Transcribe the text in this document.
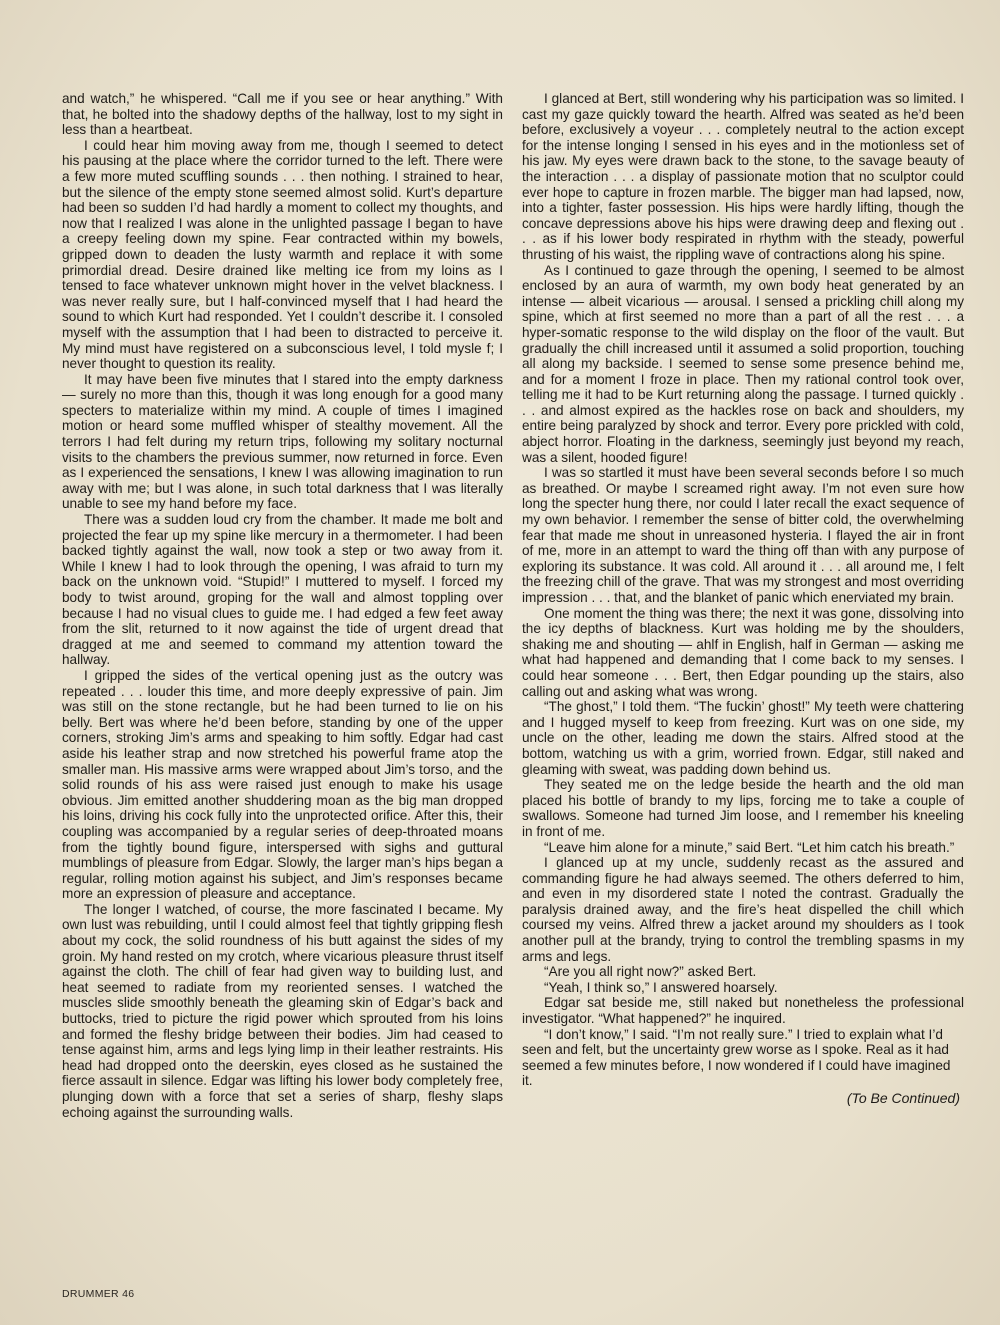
and watch,” he whispered. “Call me if you see or hear anything.” With that, he bolted into the shadowy depths of the hallway, lost to my sight in less than a heartbeat.

I could hear him moving away from me, though I seemed to detect his pausing at the place where the corridor turned to the left. There were a few more muted scuffling sounds . . . then nothing. I strained to hear, but the silence of the empty stone seemed almost solid. Kurt’s departure had been so sudden I’d had hardly a moment to collect my thoughts, and now that I realized I was alone in the unlighted passage I began to have a creepy feeling down my spine. Fear contracted within my bowels, gripped down to deaden the lusty warmth and replace it with some primordial dread. Desire drained like melting ice from my loins as I tensed to face whatever unknown might hover in the velvet blackness. I was never really sure, but I half-convinced myself that I had heard the sound to which Kurt had responded. Yet I couldn’t describe it. I consoled myself with the assumption that I had been to distracted to perceive it. My mind must have registered on a subconscious level, I told mysle f; I never thought to question its reality.

It may have been five minutes that I stared into the empty darkness — surely no more than this, though it was long enough for a good many specters to materialize within my mind. A couple of times I imagined motion or heard some muffled whisper of stealthy movement. All the terrors I had felt during my return trips, following my solitary nocturnal visits to the chambers the previous summer, now returned in force. Even as I experienced the sensations, I knew I was allowing imagination to run away with me; but I was alone, in such total darkness that I was literally unable to see my hand before my face.

There was a sudden loud cry from the chamber. It made me bolt and projected the fear up my spine like mercury in a thermometer. I had been backed tightly against the wall, now took a step or two away from it. While I knew I had to look through the opening, I was afraid to turn my back on the unknown void. “Stupid!” I muttered to myself. I forced my body to twist around, groping for the wall and almost toppling over because I had no visual clues to guide me. I had edged a few feet away from the slit, returned to it now against the tide of urgent dread that dragged at me and seemed to command my attention toward the hallway.

I gripped the sides of the vertical opening just as the outcry was repeated . . . louder this time, and more deeply expressive of pain. Jim was still on the stone rectangle, but he had been turned to lie on his belly. Bert was where he’d been before, standing by one of the upper corners, stroking Jim’s arms and speaking to him softly. Edgar had cast aside his leather strap and now stretched his powerful frame atop the smaller man. His massive arms were wrapped about Jim’s torso, and the solid rounds of his ass were raised just enough to make his usage obvious. Jim emitted another shuddering moan as the big man dropped his loins, driving his cock fully into the unprotected orifice. After this, their coupling was accompanied by a regular series of deep-throated moans from the tightly bound figure, interspersed with sighs and guttural mumblings of pleasure from Edgar. Slowly, the larger man’s hips began a regular, rolling motion against his subject, and Jim’s responses became more an expression of pleasure and acceptance.

The longer I watched, of course, the more fascinated I became. My own lust was rebuilding, until I could almost feel that tightly gripping flesh about my cock, the solid roundness of his butt against the sides of my groin. My hand rested on my crotch, where vicarious pleasure thrust itself against the cloth. The chill of fear had given way to building lust, and heat seemed to radiate from my reoriented senses. I watched the muscles slide smoothly beneath the gleaming skin of Edgar’s back and buttocks, tried to picture the rigid power which sprouted from his loins and formed the fleshy bridge between their bodies. Jim had ceased to tense against him, arms and legs lying limp in their leather restraints. His head had dropped onto the deerskin, eyes closed as he sustained the fierce assault in silence. Edgar was lifting his lower body completely free, plunging down with a force that set a series of sharp, fleshy slaps echoing against the surrounding walls.

I glanced at Bert, still wondering why his participation was so limited. I cast my gaze quickly toward the hearth. Alfred was seated as he’d been before, exclusively a voyeur . . . completely neutral to the action except for the intense longing I sensed in his eyes and in the motionless set of his jaw. My eyes were drawn back to the stone, to the savage beauty of the interaction . . . a display of passionate motion that no sculptor could ever hope to capture in frozen marble. The bigger man had lapsed, now, into a tighter, faster possession. His hips were hardly lifting, though the concave depressions above his hips were drawing deep and flexing out . . . as if his lower body respirated in rhythm with the steady, powerful thrusting of his waist, the rippling wave of contractions along his spine.

As I continued to gaze through the opening, I seemed to be almost enclosed by an aura of warmth, my own body heat generated by an intense — albeit vicarious — arousal. I sensed a prickling chill along my spine, which at first seemed no more than a part of all the rest . . . a hyper-somatic response to the wild display on the floor of the vault. But gradually the chill increased until it assumed a solid proportion, touching all along my backside. I seemed to sense some presence behind me, and for a moment I froze in place. Then my rational control took over, telling me it had to be Kurt returning along the passage. I turned quickly . . . and almost expired as the hackles rose on back and shoulders, my entire being paralyzed by shock and terror. Every pore prickled with cold, abject horror. Floating in the darkness, seemingly just beyond my reach, was a silent, hooded figure!

I was so startled it must have been several seconds before I so much as breathed. Or maybe I screamed right away. I’m not even sure how long the specter hung there, nor could I later recall the exact sequence of my own behavior. I remember the sense of bitter cold, the overwhelming fear that made me shout in unreasoned hysteria. I flayed the air in front of me, more in an attempt to ward the thing off than with any purpose of exploring its substance. It was cold. All around it . . . all around me, I felt the freezing chill of the grave. That was my strongest and most overriding impression . . . that, and the blanket of panic which enerviated my brain.

One moment the thing was there; the next it was gone, dissolving into the icy depths of blackness. Kurt was holding me by the shoulders, shaking me and shouting — ahlf in English, half in German — asking me what had happened and demanding that I come back to my senses. I could hear someone . . . Bert, then Edgar pounding up the stairs, also calling out and asking what was wrong.

“The ghost,” I told them. “The fuckin’ ghost!” My teeth were chattering and I hugged myself to keep from freezing. Kurt was on one side, my uncle on the other, leading me down the stairs. Alfred stood at the bottom, watching us with a grim, worried frown. Edgar, still naked and gleaming with sweat, was padding down behind us.

They seated me on the ledge beside the hearth and the old man placed his bottle of brandy to my lips, forcing me to take a couple of swallows. Someone had turned Jim loose, and I remember his kneeling in front of me.

“Leave him alone for a minute,” said Bert. “Let him catch his breath.”

I glanced up at my uncle, suddenly recast as the assured and commanding figure he had always seemed. The others deferred to him, and even in my disordered state I noted the contrast. Gradually the paralysis drained away, and the fire’s heat dispelled the chill which coursed my veins. Alfred threw a jacket around my shoulders as I took another pull at the brandy, trying to control the trembling spasms in my arms and legs.

“Are you all right now?” asked Bert.

“Yeah, I think so,” I answered hoarsely.

Edgar sat beside me, still naked but nonetheless the professional investigator. “What happened?” he inquired.

“I don’t know,” I said. “I’m not really sure.” I tried to explain what I’d seen and felt, but the uncertainty grew worse as I spoke. Real as it had seemed a few minutes before, I now wondered if I could have imagined it.

(To Be Continued)
DRUMMER 46
